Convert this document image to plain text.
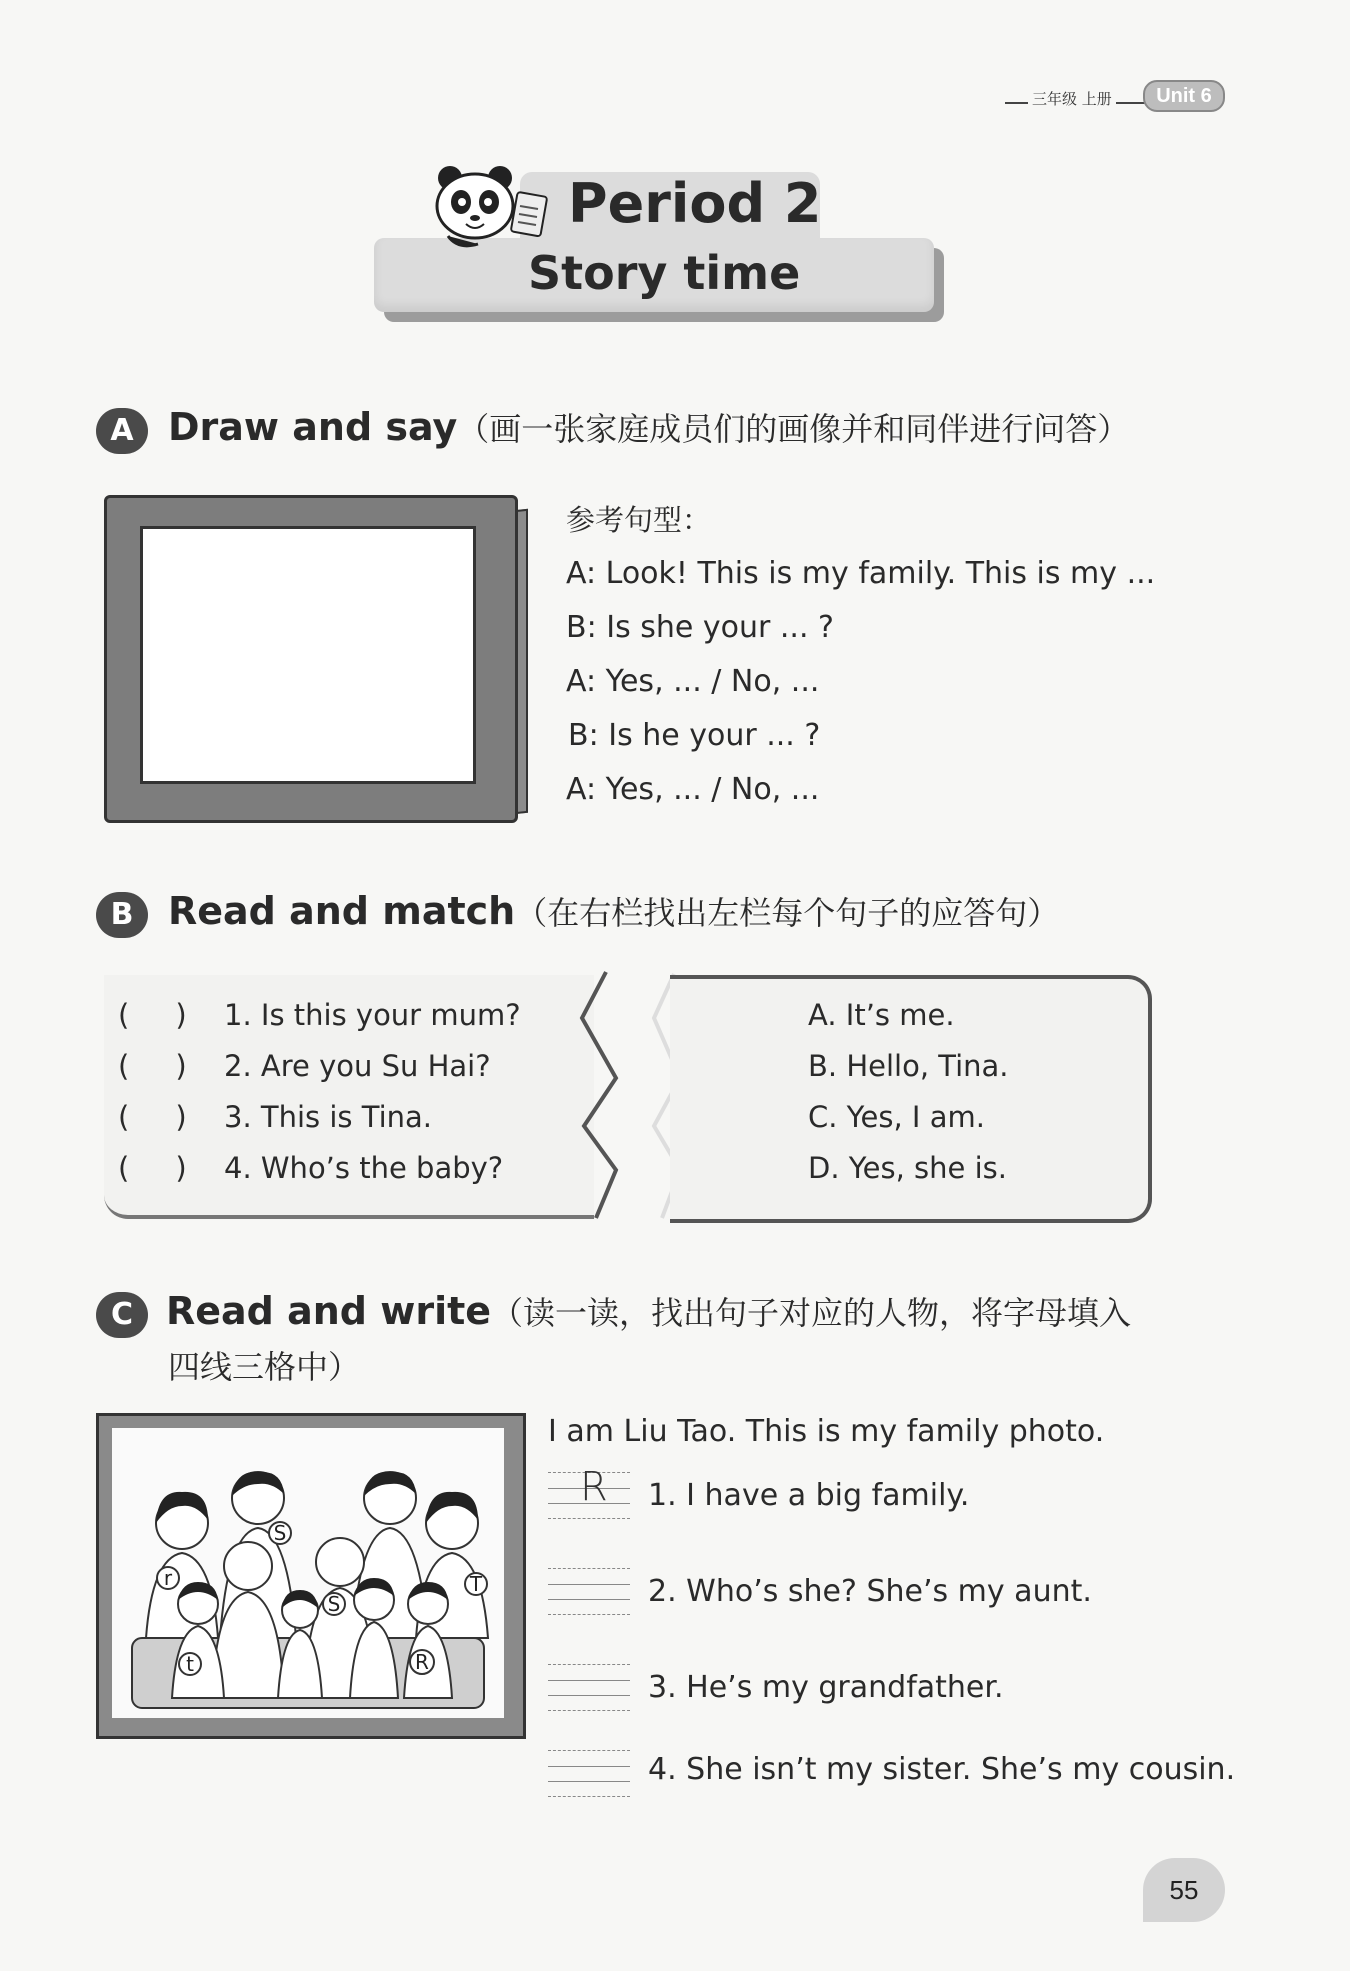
三年级 上册	Unit 6
Period 2
Story time
A Draw and say（画一张家庭成员们的画像并和同伴进行问答）
参考句型：
A: Look! This is my family. This is my ...
B: Is she your ... ?
A: Yes, ... / No, ...
B: Is he your ... ?
A: Yes, ... / No, ...
B Read and match（在右栏找出左栏每个句子的应答句）
(     ) 1. Is this your mum?
(     ) 2. Are you Su Hai?
(     ) 3. This is Tina.
(     ) 4. Who’s the baby?
A. It’s me.
B. Hello, Tina.
C. Yes, I am.
D. Yes, she is.
C Read and write（读一读，找出句子对应的人物，将字母填入
四线三格中）
S
r
S
T
t	R
I am Liu Tao. This is my family photo.
R 1. I have a big family.
2. Who’s she? She’s my aunt.
3. He’s my grandfather.
4. She isn’t my sister. She’s my cousin.
55
